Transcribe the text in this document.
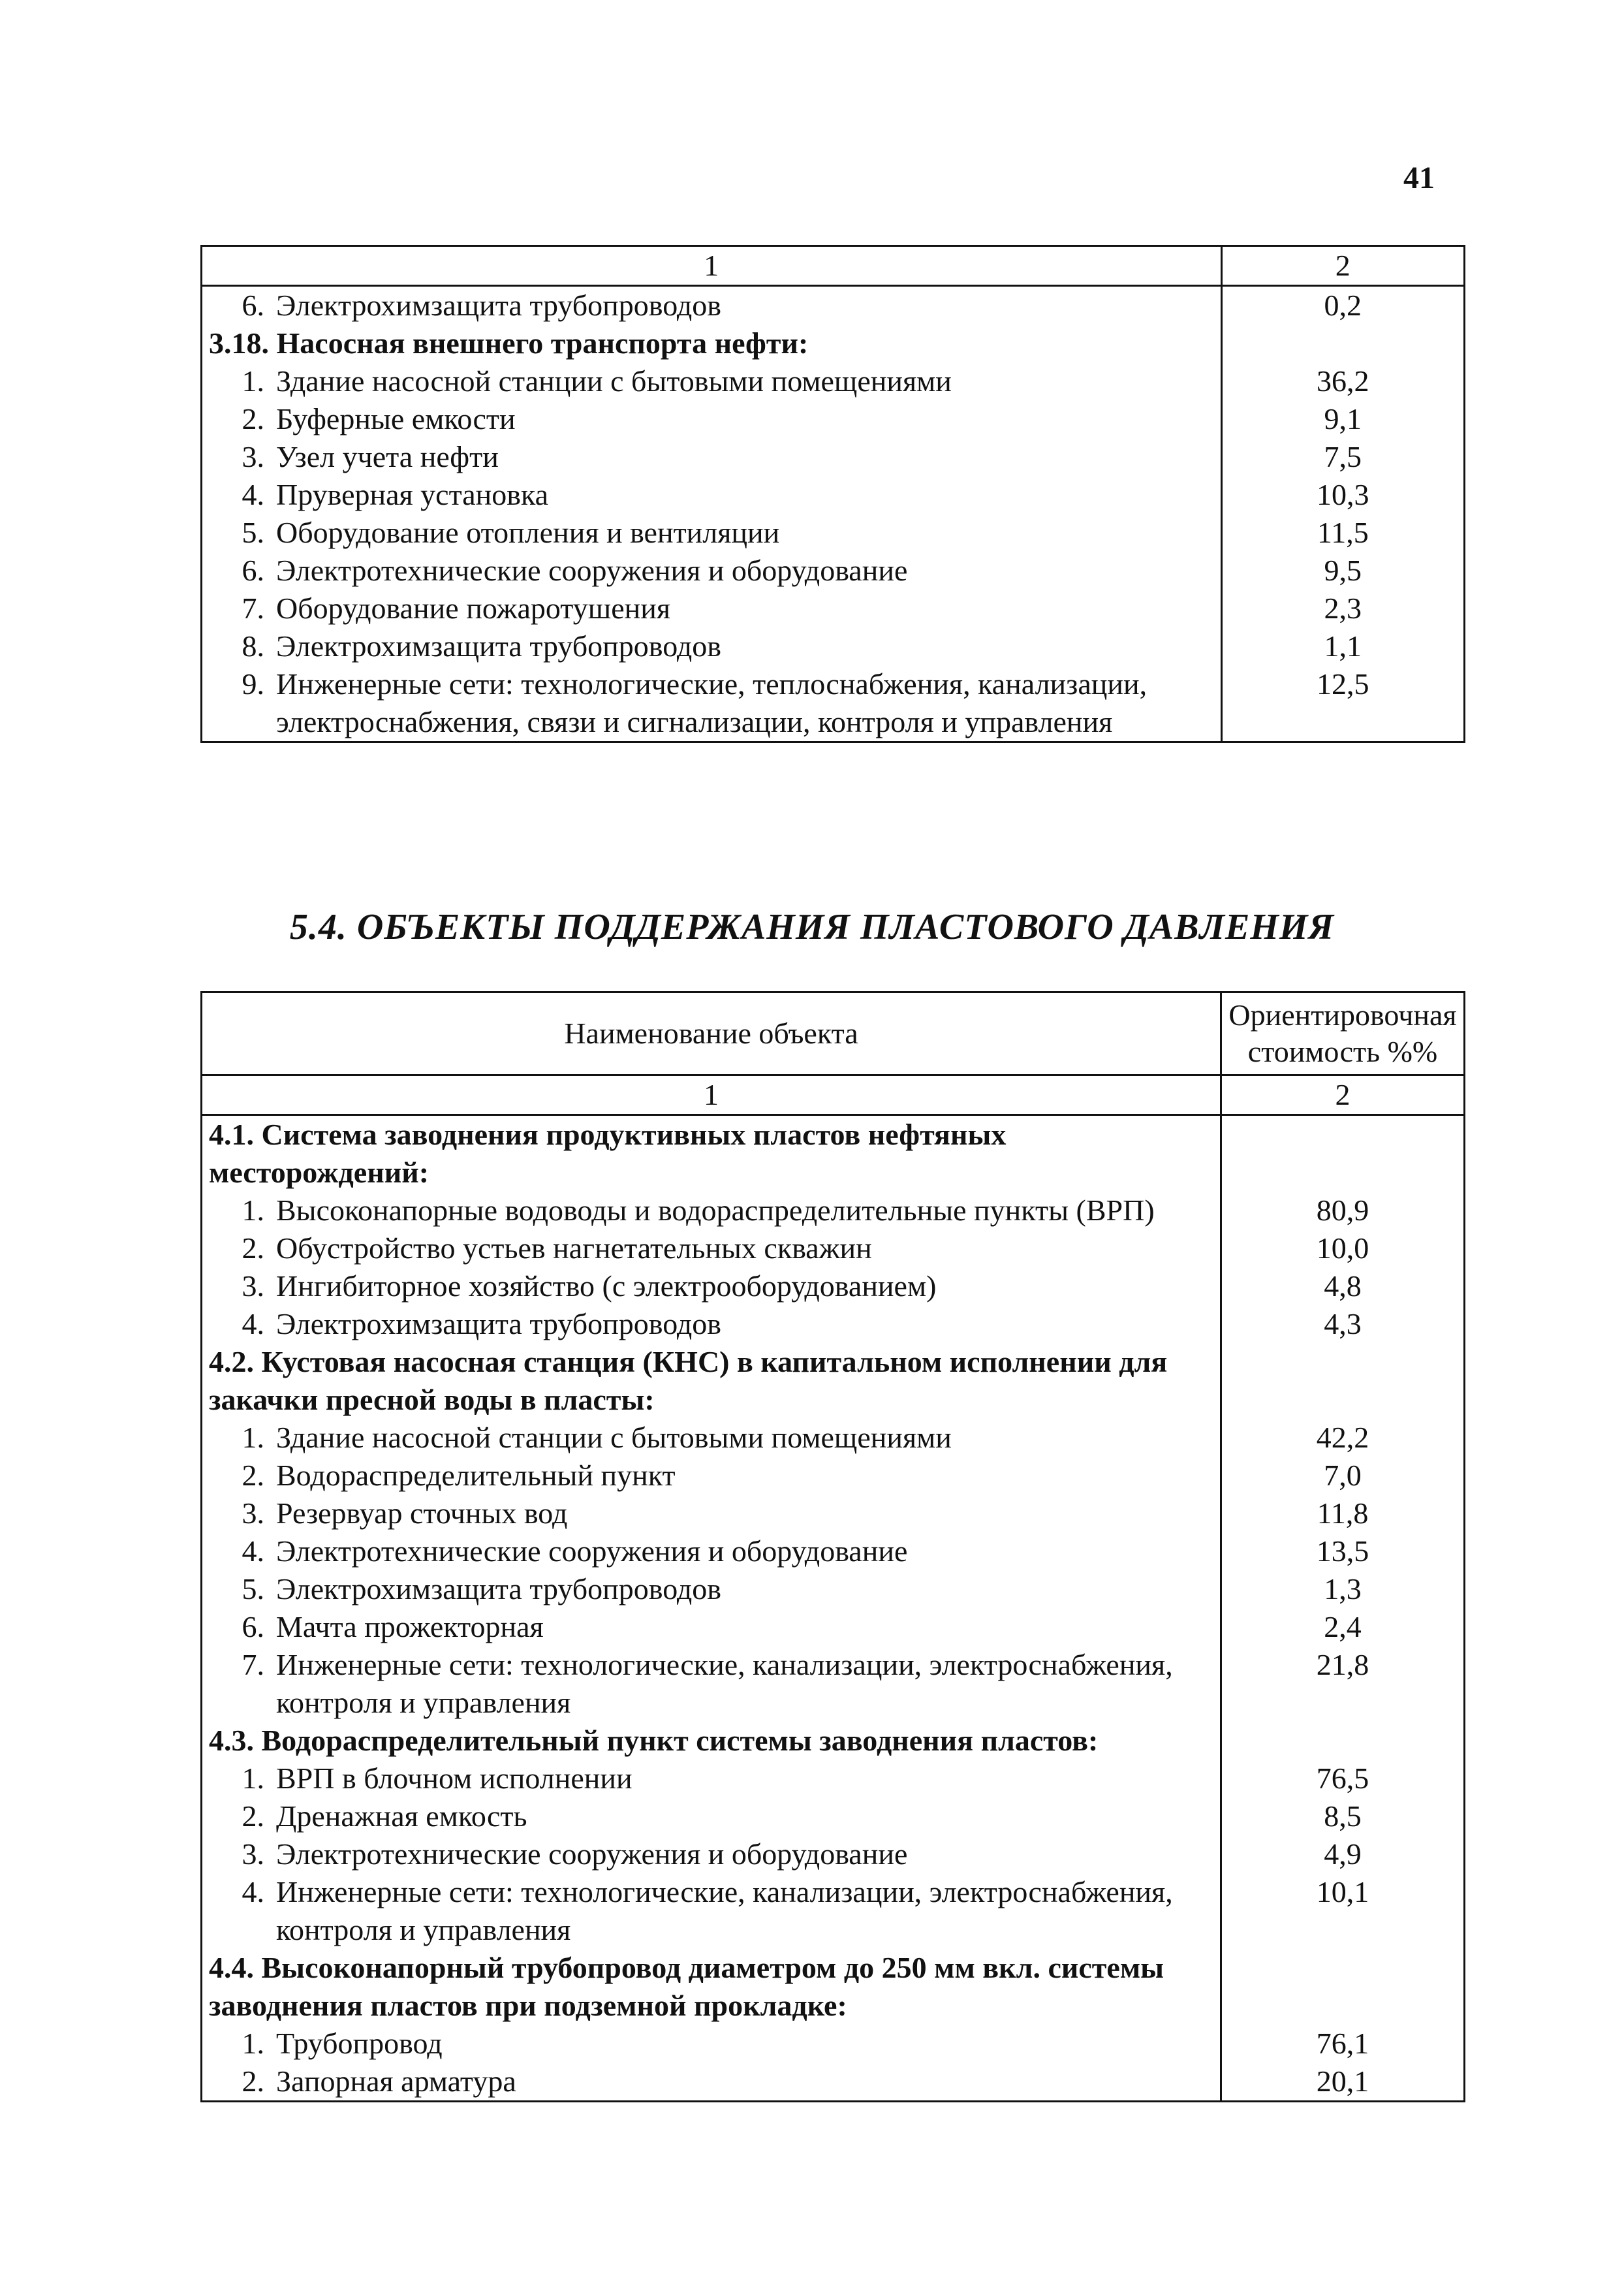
41
1	2

6. Электрохимзащита трубопроводов	0,2
3.18. Насосная внешнего транспорта нефти:	

1. Здание насосной станции с бытовыми помещениями	36,2

2. Буферные емкости	9,1

3. Узел учета нефти	7,5

4. Пруверная установка	10,3

5. Оборудование отопления и вентиляции	11,5

6. Электротехнические сооружения и оборудование	9,5

7. Оборудование пожаротушения	2,3

8. Электрохимзащита трубопроводов	1,1

9. Инженерные сети: технологические, теплоснабжения, канализации, электроснабжения, связи и сигнализации, контроля и управления	12,5
5.4. ОБЪЕКТЫ ПОДДЕРЖАНИЯ ПЛАСТОВОГО ДАВЛЕНИЯ
Наименование объекта	Ориентировочная стоимость %%
1	2
4.1. Система заводнения продуктивных пластов нефтяных месторождений:	

1. Высоконапорные водоводы и водораспределительные пункты (ВРП)	80,9

2. Обустройство устьев нагнетательных скважин	10,0

3. Ингибиторное хозяйство (с электрооборудованием)	4,8

4. Электрохимзащита трубопроводов	4,3
4.2. Кустовая насосная станция (КНС) в капитальном исполнении для закачки пресной воды в пласты:	

1. Здание насосной станции с бытовыми помещениями	42,2

2. Водораспределительный пункт	7,0

3. Резервуар сточных вод	11,8

4. Электротехнические сооружения и оборудование	13,5

5. Электрохимзащита трубопроводов	1,3

6. Мачта прожекторная	2,4

7. Инженерные сети: технологические, канализации, электроснабжения, контроля и управления	21,8
4.3. Водораспределительный пункт системы заводнения пластов:	

1. ВРП в блочном исполнении	76,5

2. Дренажная емкость	8,5

3. Электротехнические сооружения и оборудование	4,9

4. Инженерные сети: технологические, канализации, электроснабжения, контроля и управления	10,1
4.4. Высоконапорный трубопровод диаметром до 250 мм вкл. системы заводнения пластов при подземной прокладке:	

1. Трубопровод	76,1

2. Запорная арматура	20,1
